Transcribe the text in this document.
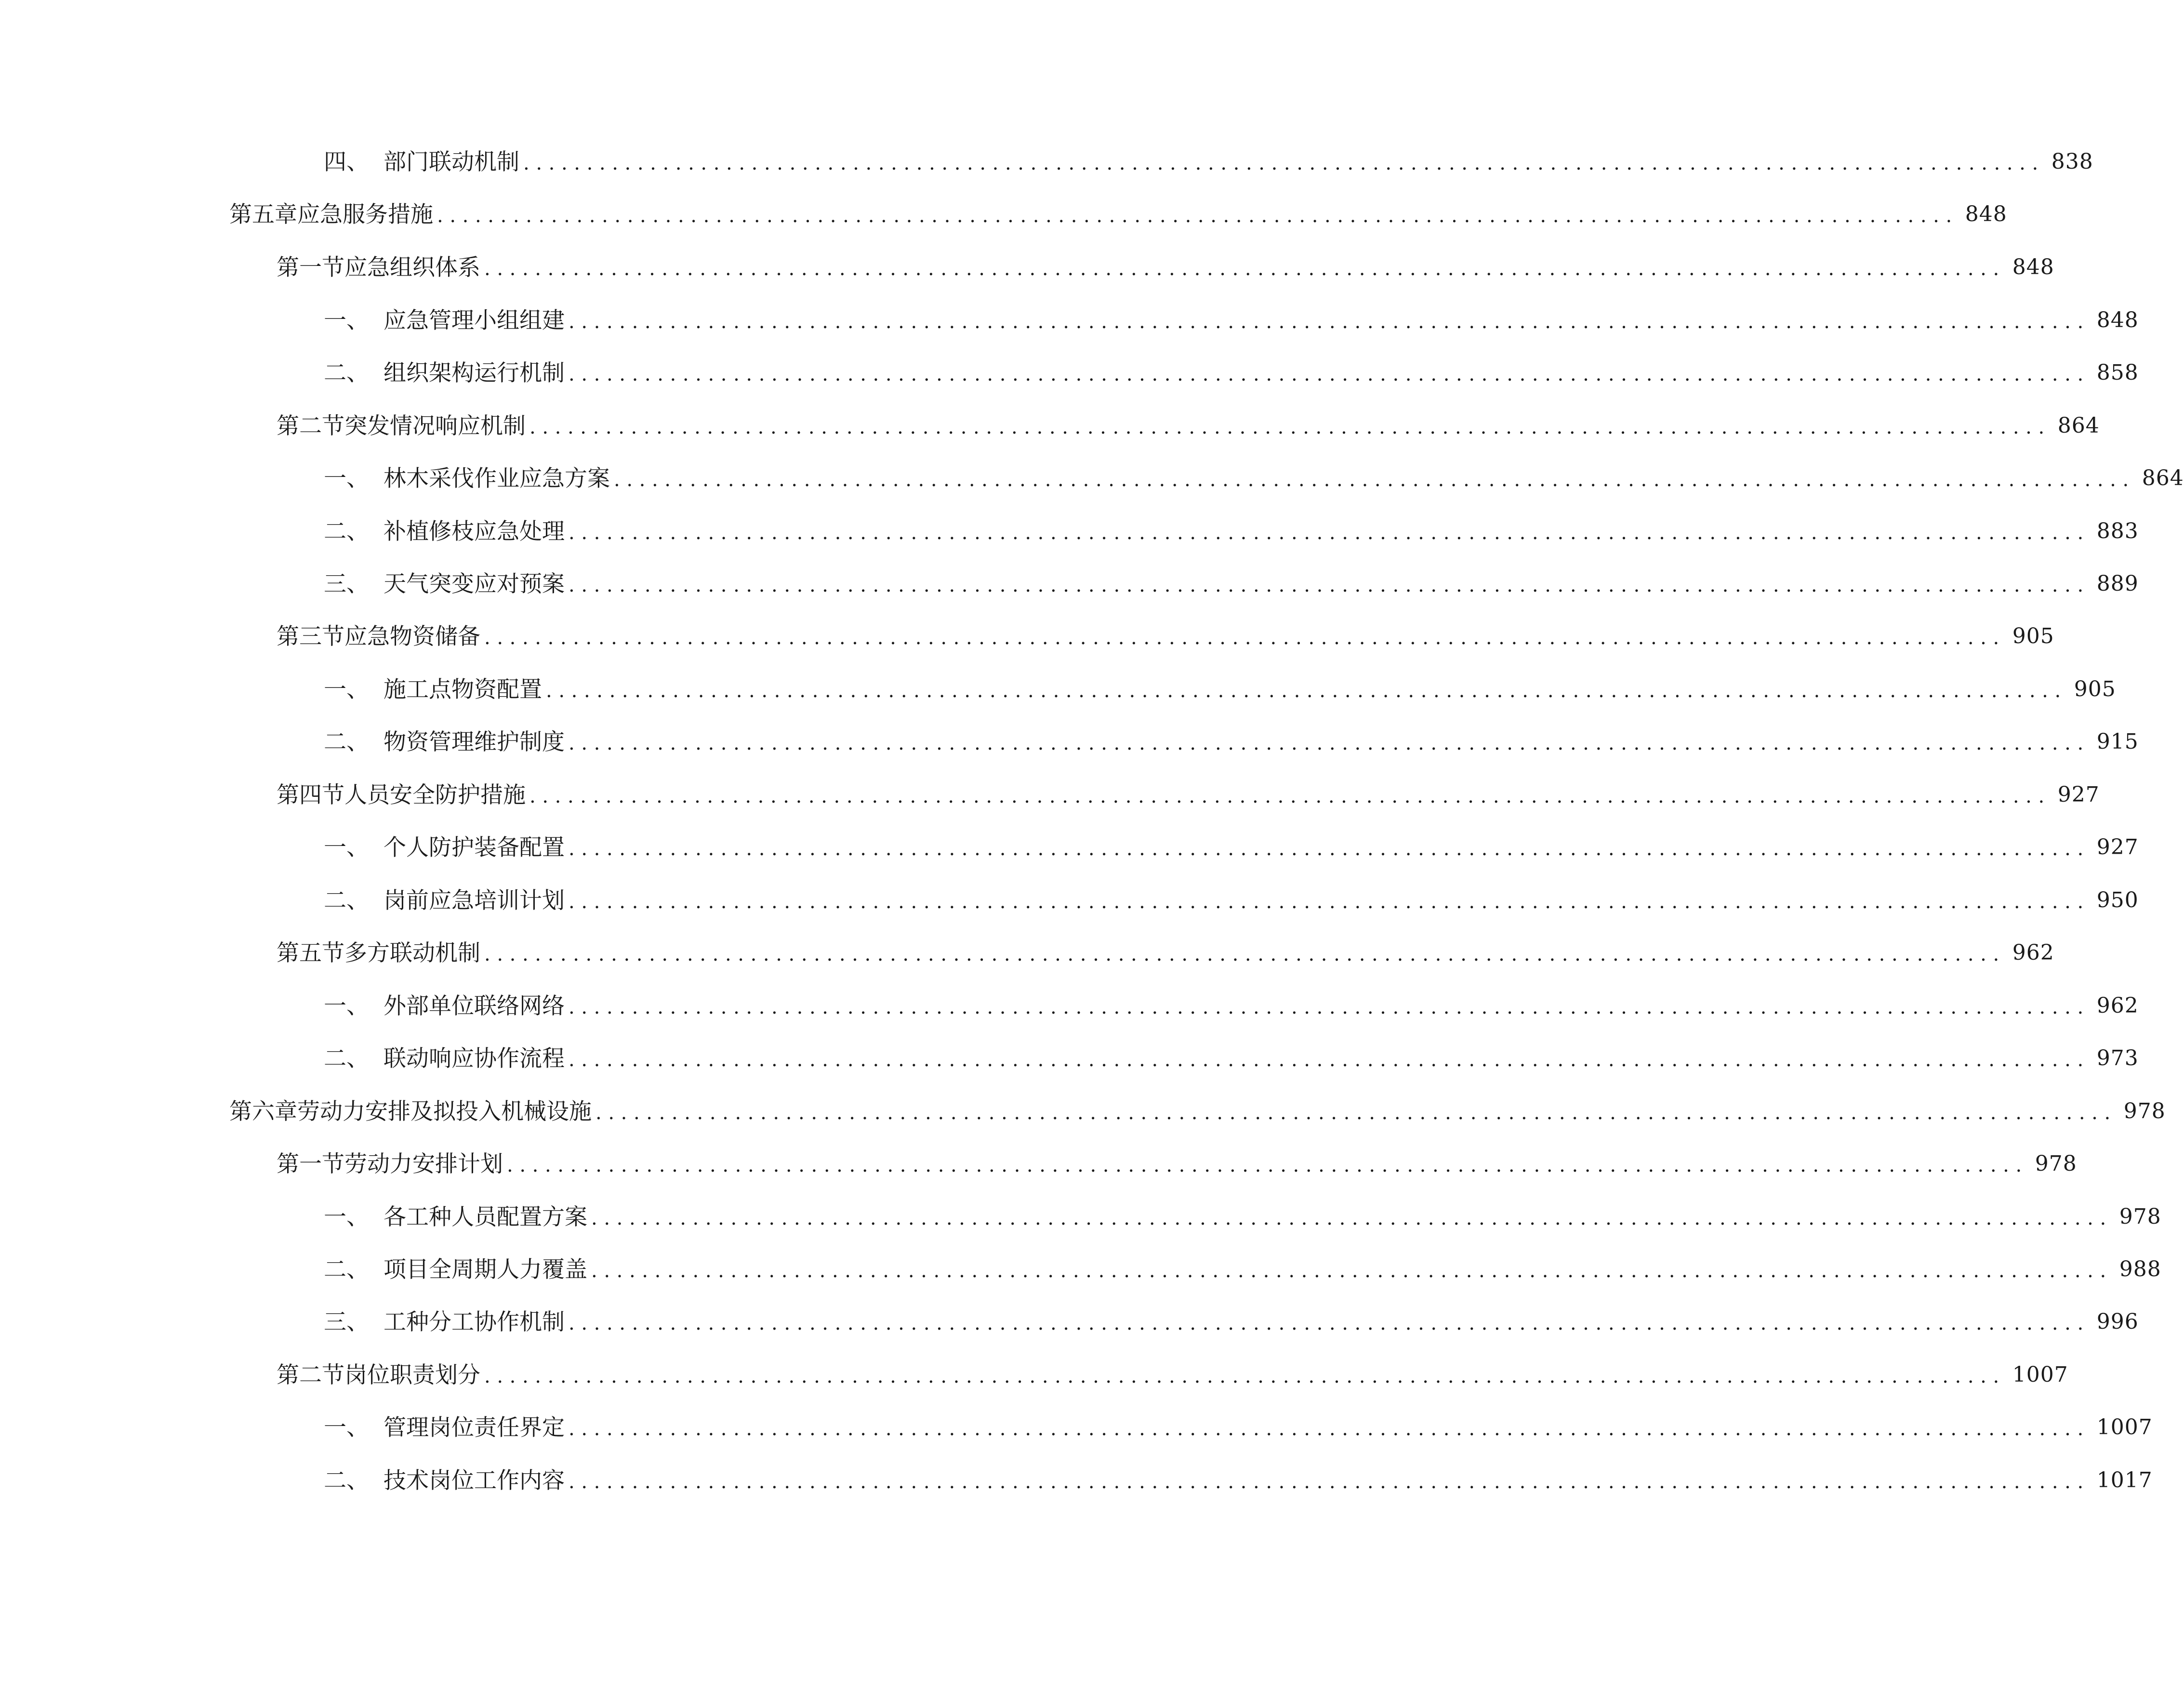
四、 部门联动机制 ........................................................................................................................ 838
第五章 应急服务措施 ........................................................................................................................ 848
第一节 应急组织体系 ........................................................................................................................ 848
一、 应急管理小组组建 ........................................................................................................................ 848
二、 组织架构运行机制 ........................................................................................................................ 858
第二节 突发情况响应机制 ........................................................................................................................ 864
一、 林木采伐作业应急方案 ........................................................................................................................ 864
二、 补植修枝应急处理 ........................................................................................................................ 883
三、 天气突变应对预案 ........................................................................................................................ 889
第三节 应急物资储备 ........................................................................................................................ 905
一、 施工点物资配置 ........................................................................................................................ 905
二、 物资管理维护制度 ........................................................................................................................ 915
第四节 人员安全防护措施 ........................................................................................................................ 927
一、 个人防护装备配置 ........................................................................................................................ 927
二、 岗前应急培训计划 ........................................................................................................................ 950
第五节 多方联动机制 ........................................................................................................................ 962
一、 外部单位联络网络 ........................................................................................................................ 962
二、 联动响应协作流程 ........................................................................................................................ 973
第六章 劳动力安排及拟投入机械设施 ........................................................................................................................ 978
第一节 劳动力安排计划 ........................................................................................................................ 978
一、 各工种人员配置方案 ........................................................................................................................ 978
二、 项目全周期人力覆盖 ........................................................................................................................ 988
三、 工种分工协作机制 ........................................................................................................................ 996
第二节 岗位职责划分 ........................................................................................................................ 1007
一、 管理岗位责任界定 ........................................................................................................................ 1007
二、 技术岗位工作内容 ........................................................................................................................ 1017
